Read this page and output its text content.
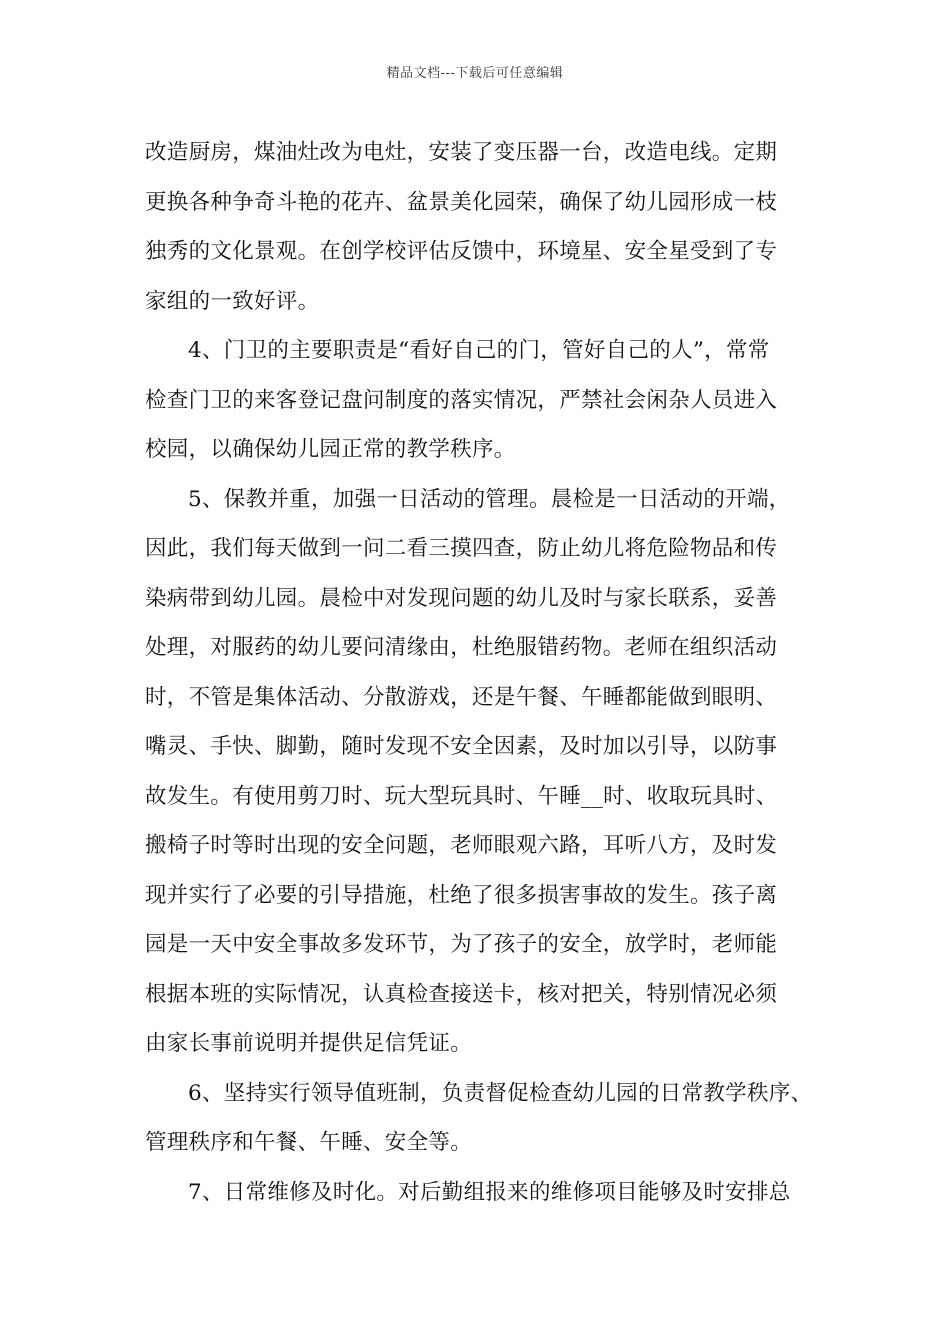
精品文档---下载后可任意编辑
改造厨房，煤油灶改为电灶，安装了变压器一台，改造电线。定期
更换各种争奇斗艳的花卉、盆景美化园荣，确保了幼儿园形成一枝
独秀的文化景观。在创学校评估反馈中，环境星、安全星受到了专
家组的一致好评。
4、门卫的主要职责是“看好自己的门，管好自己的人”，常常
检查门卫的来客登记盘问制度的落实情况，严禁社会闲杂人员进入
校园，以确保幼儿园正常的教学秩序。
5、保教并重，加强一日活动的管理。晨检是一日活动的开端，
因此，我们每天做到一问二看三摸四查，防止幼儿将危险物品和传
染病带到幼儿园。晨检中对发现问题的幼儿及时与家长联系，妥善
处理，对服药的幼儿要问清缘由，杜绝服错药物。老师在组织活动
时，不管是集体活动、分散游戏，还是午餐、午睡都能做到眼明、
嘴灵、手快、脚勤，随时发现不安全因素，及时加以引导，以防事
故发生。有使用剪刀时、玩大型玩具时、午睡__时、收取玩具时、
搬椅子时等时出现的安全问题，老师眼观六路，耳听八方，及时发
现并实行了必要的引导措施，杜绝了很多损害事故的发生。孩子离
园是一天中安全事故多发环节，为了孩子的安全，放学时，老师能
根据本班的实际情况，认真检查接送卡，核对把关，特别情况必须
由家长事前说明并提供足信凭证。
6、坚持实行领导值班制，负责督促检查幼儿园的日常教学秩序、
管理秩序和午餐、午睡、安全等。
7、日常维修及时化。对后勤组报来的维修项目能够及时安排总
